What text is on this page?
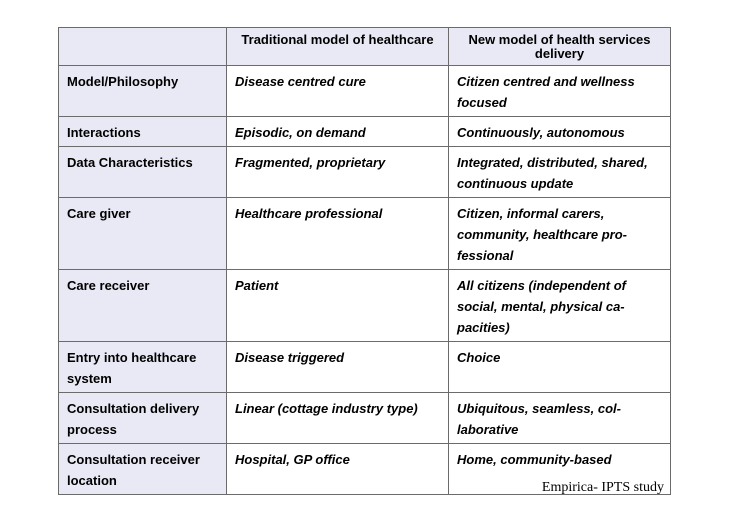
	Traditional model of healthcare	New model of health services delivery
Model/Philosophy	Disease centred cure	Citizen centred and wellness focused
Interactions	Episodic, on demand	Continuously, autonomous
Data Characteristics	Fragmented, proprietary	Integrated, distributed, shared, continuous update
Care giver	Healthcare professional	Citizen, informal carers, community, healthcare pro-fessional
Care receiver	Patient	All citizens (independent of social, mental, physical ca-pacities)
Entry into healthcare system	Disease triggered	Choice
Consultation delivery process	Linear (cottage industry type)	Ubiquitous, seamless, col-laborative
Consultation receiver location	Hospital, GP office	Home, community-based
Empirica- IPTS study
